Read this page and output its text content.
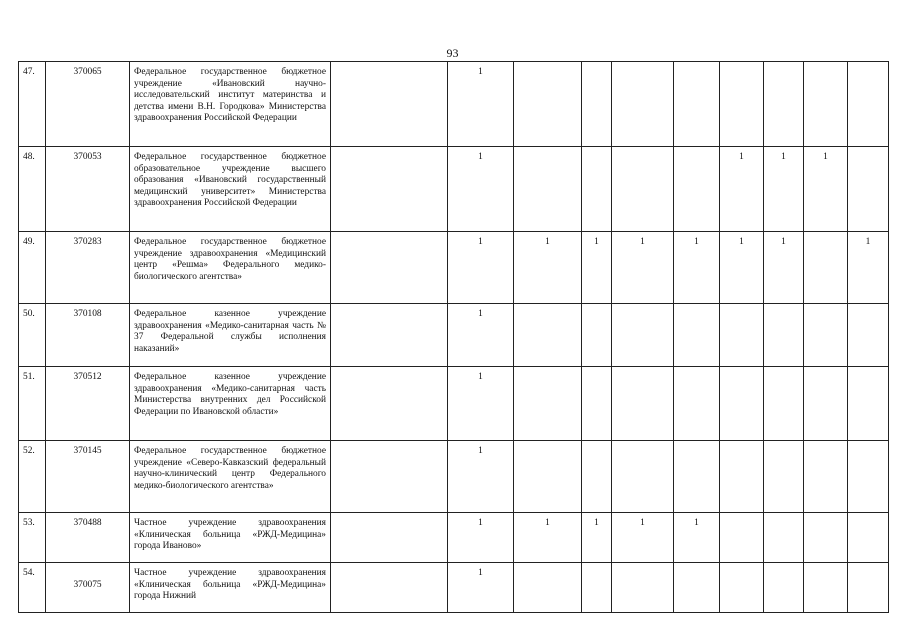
93
47.	370065	Федеральное государственное бюджетное учреждение «Ивановский научно-исследовательский институт материнства и детства имени В.Н. Городкова» Министерства здравоохранения Российской Федерации		1								
48.	370053	Федеральное государственное бюджетное образовательное учреждение высшего образования «Ивановский государственный медицинский университет» Министерства здравоохранения Российской Федерации		1					1	1	1	
49.	370283	Федеральное государственное бюджетное учреждение здравоохранения «Медицинский центр «Решма» Федерального медико-биологического агентства»		1	1	1	1	1	1	1		1
50.	370108	Федеральное казенное учреждение здравоохранения «Медико-санитарная часть № 37 Федеральной службы исполнения наказаний»		1								
51.	370512	Федеральное казенное учреждение здравоохранения «Медико-санитарная часть Министерства внутренних дел Российской Федерации по Ивановской области»		1								
52.	370145	Федеральное государственное бюджетное учреждение «Северо-Кавказский федеральный научно-клинический центр Федерального медико-биологического агентства»		1								
53.	370488	Частное учреждение здравоохранения «Клиническая больница «РЖД-Медицина» города Иваново»		1	1	1	1	1				
54.	370075	Частное учреждение здравоохранения «Клиническая больница «РЖД-Медицина» города Нижний		1								
